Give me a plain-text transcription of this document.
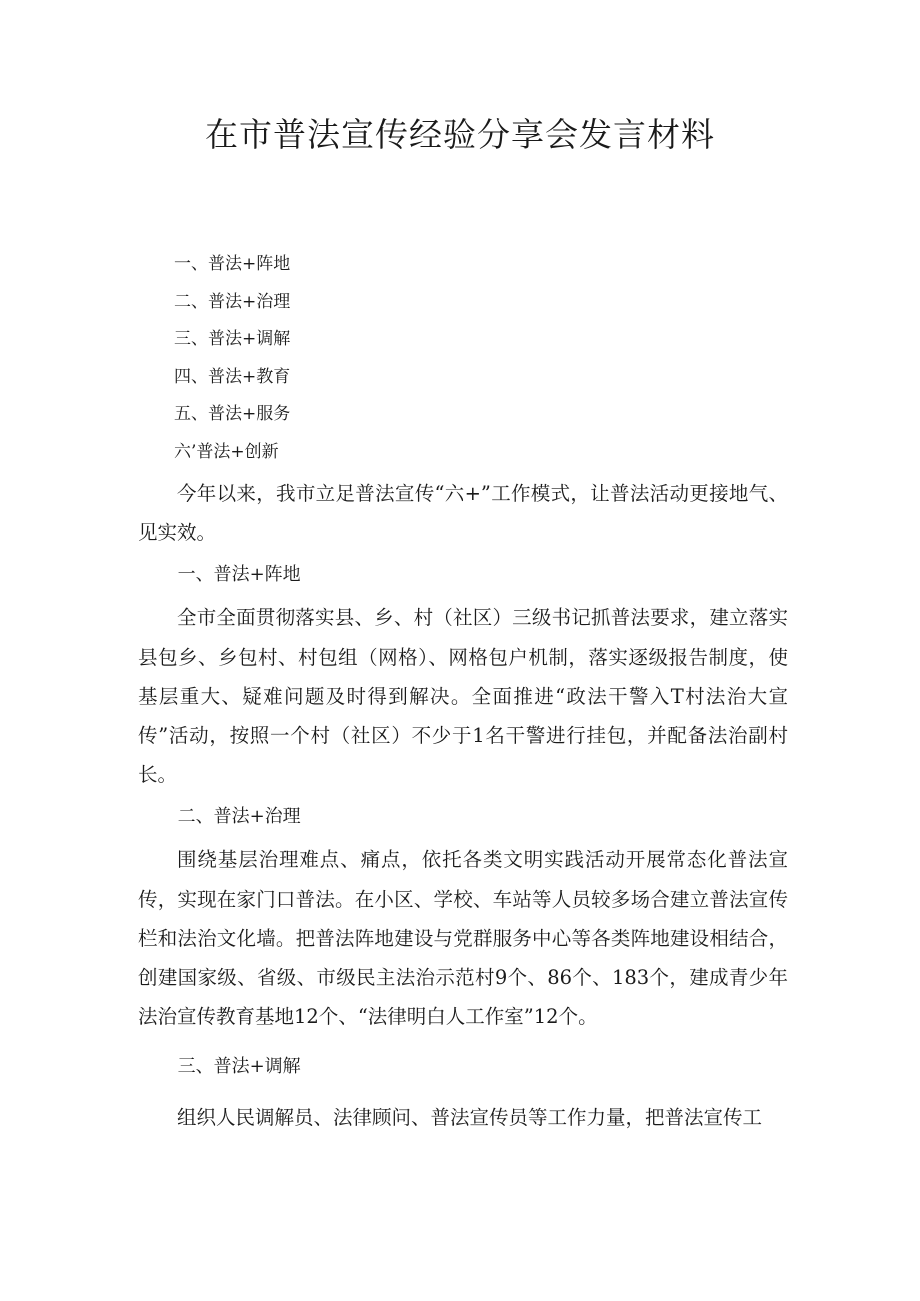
在市普法宣传经验分享会发言材料
一、普法+阵地
二、普法+治理
三、普法+调解
四、普法+教育
五、普法+服务
六’普法+创新

今年以来，我市立足普法宣传“六+”工作模式，让普法活动更接地气、见实效。

一、普法+阵地

全市全面贯彻落实县、乡、村（社区）三级书记抓普法要求，建立落实县包乡、乡包村、村包组（网格）、网格包户机制，落实逐级报告制度，使基层重大、疑难问题及时得到解决。全面推进“政法干警入T村法治大宣传”活动，按照一个村（社区）不少于1名干警进行挂包，并配备法治副村长。

二、普法+治理

围绕基层治理难点、痛点，依托各类文明实践活动开展常态化普法宣传，实现在家门口普法。在小区、学校、车站等人员较多场合建立普法宣传栏和法治文化墙。把普法阵地建设与党群服务中心等各类阵地建设相结合，创建国家级、省级、市级民主法治示范村9个、86个、183个，建成青少年法治宣传教育基地12个、“法律明白人工作室”12个。

三、普法+调解

组织人民调解员、法律顾问、普法宣传员等工作力量，把普法宣传工
